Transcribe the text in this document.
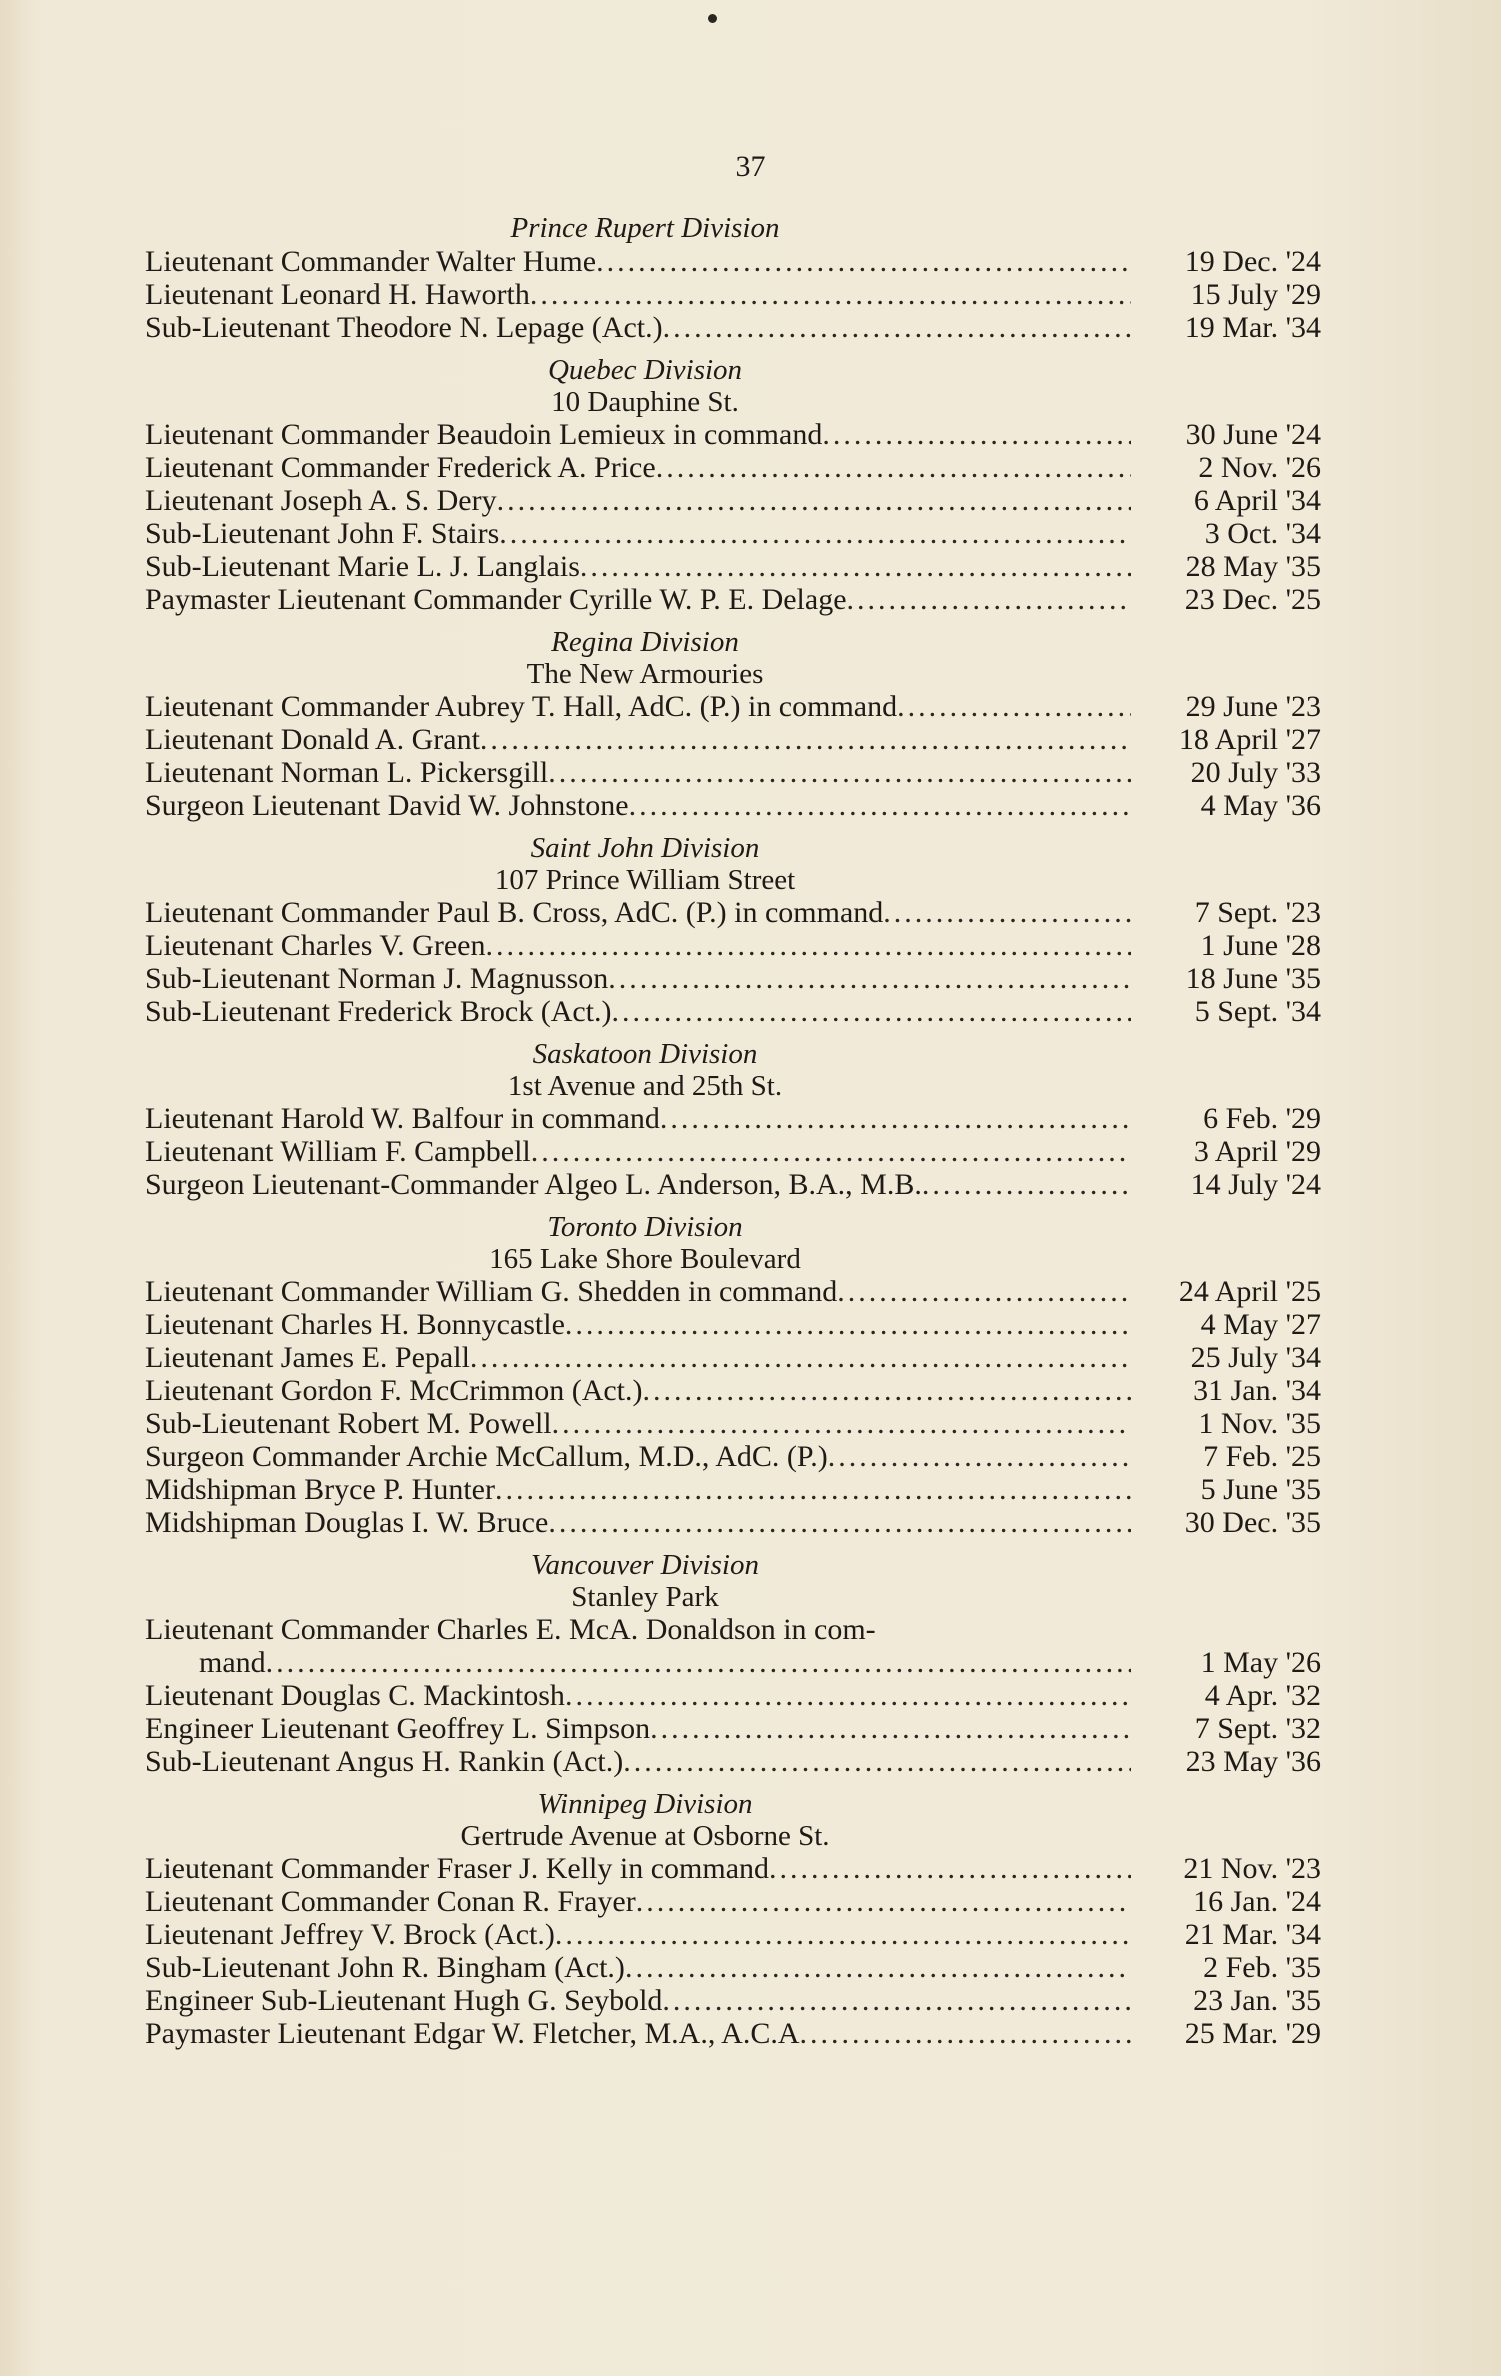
37
Prince Rupert Division
Lieutenant Commander Walter Hume .....	19 Dec. '24
Lieutenant Leonard H. Haworth .....	15 July '29
Sub-Lieutenant Theodore N. Lepage (Act.) .....	19 Mar. '34
Quebec Division
10 Dauphine St.
Lieutenant Commander Beaudoin Lemieux in command .....	30 June '24
Lieutenant Commander Frederick A. Price .....	2 Nov. '26
Lieutenant Joseph A. S. Dery .....	6 April '34
Sub-Lieutenant John F. Stairs .....	3 Oct. '34
Sub-Lieutenant Marie L. J. Langlais .....	28 May '35
Paymaster Lieutenant Commander Cyrille W. P. E. Delage .....	23 Dec. '25
Regina Division
The New Armouries
Lieutenant Commander Aubrey T. Hall, AdC. (P.) in command .....	29 June '23
Lieutenant Donald A. Grant .....	18 April '27
Lieutenant Norman L. Pickersgill .....	20 July '33
Surgeon Lieutenant David W. Johnstone .....	4 May '36
Saint John Division
107 Prince William Street
Lieutenant Commander Paul B. Cross, AdC. (P.) in command .....	7 Sept. '23
Lieutenant Charles V. Green .....	1 June '28
Sub-Lieutenant Norman J. Magnusson .....	18 June '35
Sub-Lieutenant Frederick Brock (Act.) .....	5 Sept. '34
Saskatoon Division
1st Avenue and 25th St.
Lieutenant Harold W. Balfour in command .....	6 Feb. '29
Lieutenant William F. Campbell .....	3 April '29
Surgeon Lieutenant-Commander Algeo L. Anderson, B.A., M.B. .....	14 July '24
Toronto Division
165 Lake Shore Boulevard
Lieutenant Commander William G. Shedden in command .....	24 April '25
Lieutenant Charles H. Bonnycastle .....	4 May '27
Lieutenant James E. Pepall .....	25 July '34
Lieutenant Gordon F. McCrimmon (Act.) .....	31 Jan. '34
Sub-Lieutenant Robert M. Powell .....	1 Nov. '35
Surgeon Commander Archie McCallum, M.D., AdC. (P.) .....	7 Feb. '25
Midshipman Bryce P. Hunter .....	5 June '35
Midshipman Douglas I. W. Bruce .....	30 Dec. '35
Vancouver Division
Stanley Park
Lieutenant Commander Charles E. McA. Donaldson in com-
mand .....	1 May '26
Lieutenant Douglas C. Mackintosh .....	4 Apr. '32
Engineer Lieutenant Geoffrey L. Simpson .....	7 Sept. '32
Sub-Lieutenant Angus H. Rankin (Act.) .....	23 May '36
Winnipeg Division
Gertrude Avenue at Osborne St.
Lieutenant Commander Fraser J. Kelly in command .....	21 Nov. '23
Lieutenant Commander Conan R. Frayer .....	16 Jan. '24
Lieutenant Jeffrey V. Brock (Act.) .....	21 Mar. '34
Sub-Lieutenant John R. Bingham (Act.) .....	2 Feb. '35
Engineer Sub-Lieutenant Hugh G. Seybold .....	23 Jan. '35
Paymaster Lieutenant Edgar W. Fletcher, M.A., A.C.A .....	25 Mar. '29
